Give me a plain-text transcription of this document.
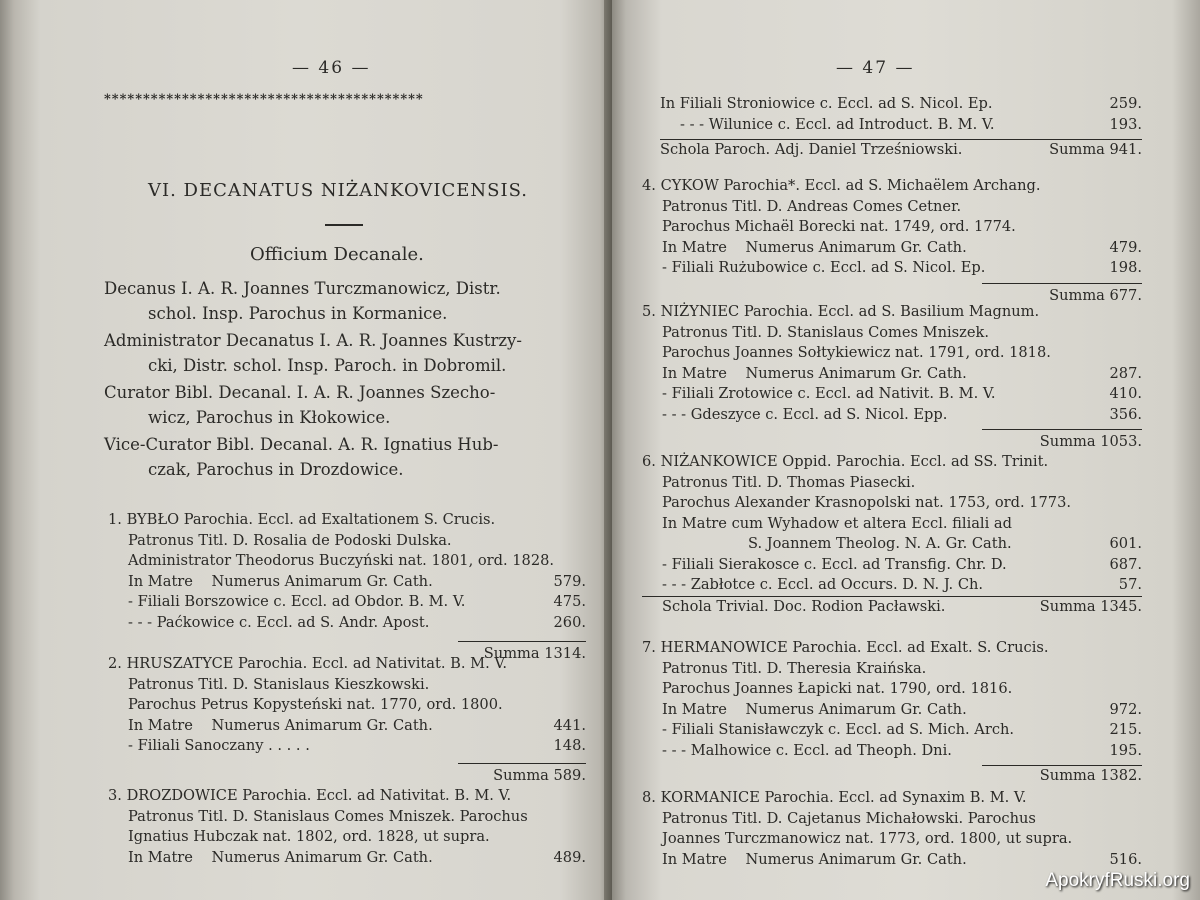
— 46 —
*****************************************
VI. DECANATUS NIŻANKOVICENSIS.
Officium Decanale.
Decanus I. A. R. Joannes Turczmanowicz, Distr.
schol. Insp. Parochus in Kormanice.
Administrator Decanatus I. A. R. Joannes Kustrzy-
cki, Distr. schol. Insp. Paroch. in Dobromil.
Curator Bibl. Decanal. I. A. R. Joannes Szecho-
wicz, Parochus in Kłokowice.
Vice-Curator Bibl. Decanal. A. R. Ignatius Hub-
czak, Parochus in Drozdowice.
1. BYBŁO Parochia. Eccl. ad Exaltationem S. Crucis.
Patronus Titl. D. Rosalia de Podoski Dulska.
Administrator Theodorus Buczyński nat. 1801, ord. 1828.
In Matre Numerus Animarum Gr. Cath.	579.
- Filiali Borszowice c. Eccl. ad Obdor. B. M. V.	475.
- - - Paćkowice c. Eccl. ad S. Andr. Apost.	260.
Summa 1314.
2. HRUSZATYCE Parochia. Eccl. ad Nativitat. B. M. V.
Patronus Titl. D. Stanislaus Kieszkowski.
Parochus Petrus Kopysteński nat. 1770, ord. 1800.
In Matre Numerus Animarum Gr. Cath.	441.
- Filiali Sanoczany . . . . .	148.
Summa 589.
3. DROZDOWICE Parochia. Eccl. ad Nativitat. B. M. V.
Patronus Titl. D. Stanislaus Comes Mniszek. Parochus
Ignatius Hubczak nat. 1802, ord. 1828, ut supra.
In Matre Numerus Animarum Gr. Cath.	489.
— 47 —
In Filiali Stroniowice c. Eccl. ad S. Nicol. Ep.	259.
- - - Wilunice c. Eccl. ad Introduct. B. M. V.	193.
Schola Paroch. Adj. Daniel Trześniowski.	Summa 941.
4. CYKOW Parochia*. Eccl. ad S. Michaëlem Archang.
Patronus Titl. D. Andreas Comes Cetner.
Parochus Michaël Borecki nat. 1749, ord. 1774.
In Matre Numerus Animarum Gr. Cath.	479.
- Filiali Rużubowice c. Eccl. ad S. Nicol. Ep.	198.
Summa 677.
5. NIŻYNIEC Parochia. Eccl. ad S. Basilium Magnum.
Patronus Titl. D. Stanislaus Comes Mniszek.
Parochus Joannes Sołtykiewicz nat. 1791, ord. 1818.
In Matre Numerus Animarum Gr. Cath.	287.
- Filiali Zrotowice c. Eccl. ad Nativit. B. M. V.	410.
- - - Gdeszyce c. Eccl. ad S. Nicol. Epp.	356.
Summa 1053.
6. NIŻANKOWICE Oppid. Parochia. Eccl. ad SS. Trinit.
Patronus Titl. D. Thomas Piasecki.
Parochus Alexander Krasnopolski nat. 1753, ord. 1773.
In Matre cum Wyhadow et altera Eccl. filiali ad
S. Joannem Theolog. N. A. Gr. Cath.	601.
- Filiali Sierakosce c. Eccl. ad Transfig. Chr. D.	687.
- - - Zabłotce c. Eccl. ad Occurs. D. N. J. Ch.	57.
Schola Trivial. Doc. Rodion Pacławski.	Summa 1345.
7. HERMANOWICE Parochia. Eccl. ad Exalt. S. Crucis.
Patronus Titl. D. Theresia Kraińska.
Parochus Joannes Łapicki nat. 1790, ord. 1816.
In Matre Numerus Animarum Gr. Cath.	972.
- Filiali Stanisławczyk c. Eccl. ad S. Mich. Arch.	215.
- - - Malhowice c. Eccl. ad Theoph. Dni.	195.
Summa 1382.
8. KORMANICE Parochia. Eccl. ad Synaxim B. M. V.
Patronus Titl. D. Cajetanus Michałowski. Parochus
Joannes Turczmanowicz nat. 1773, ord. 1800, ut supra.
In Matre Numerus Animarum Gr. Cath.	516.
ApokryfRuski.org
